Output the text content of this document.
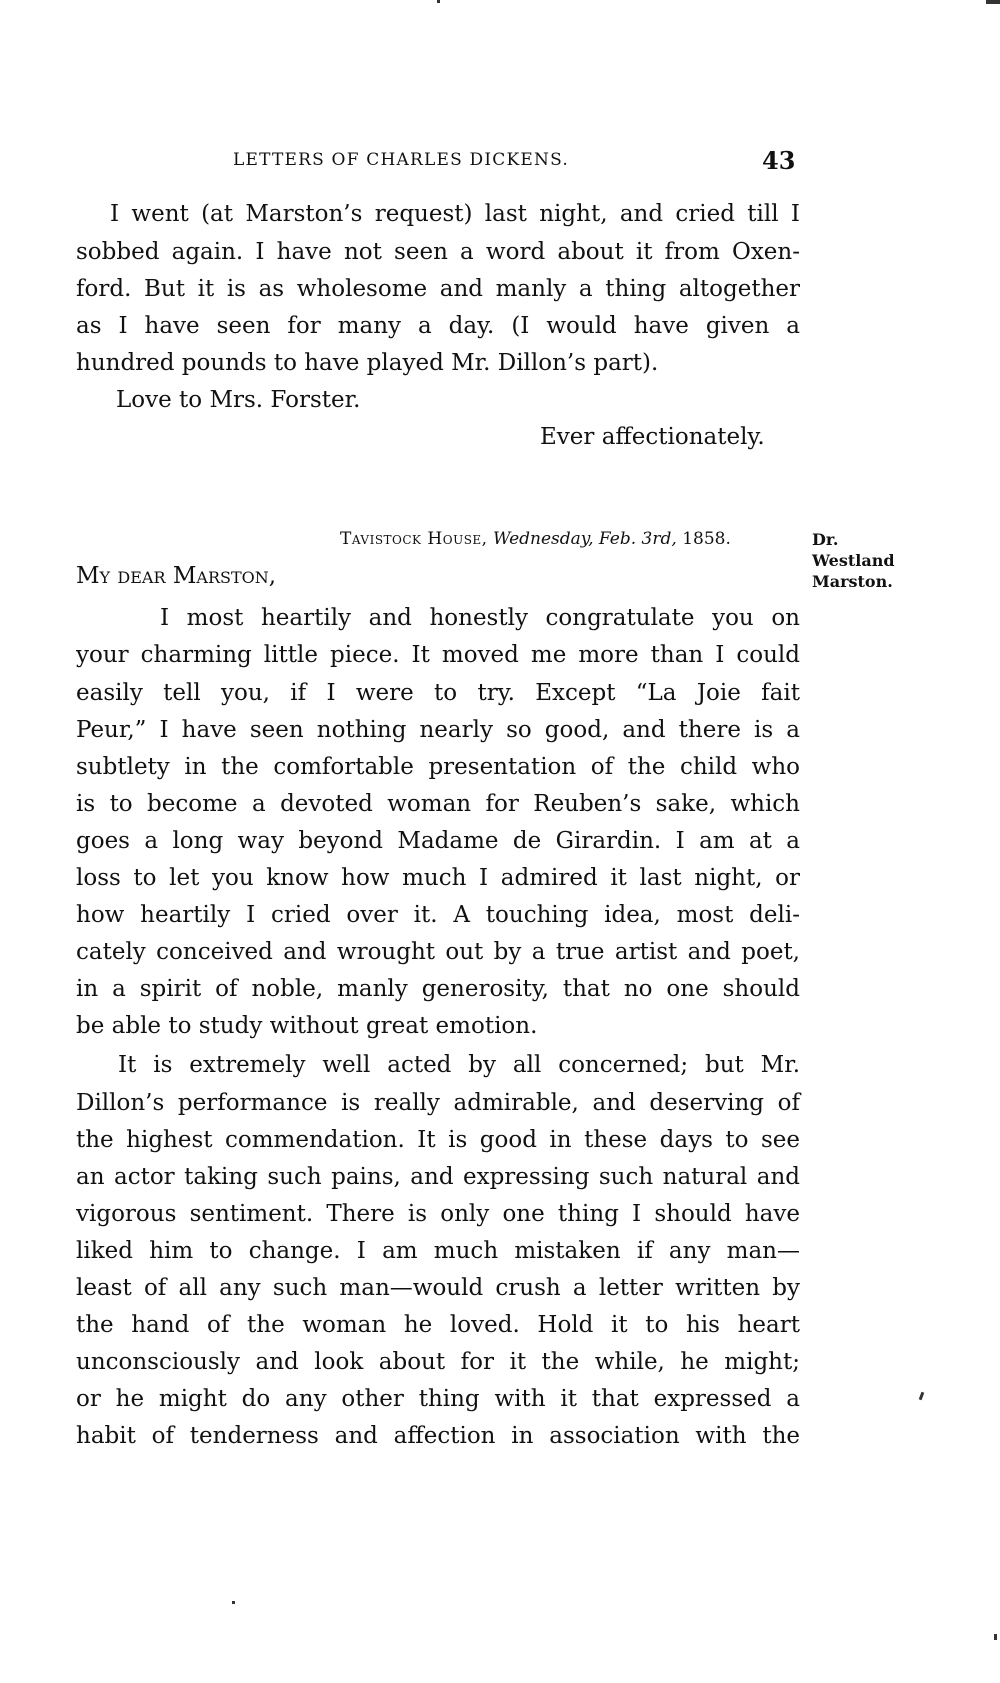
LETTERS OF CHARLES DICKENS.	43
I went (at Marston’s request) last night, and cried till I
sobbed again. I have not seen a word about it from Oxen-
ford. But it is as wholesome and manly a thing altogether
as I have seen for many a day. (I would have given a
hundred pounds to have played Mr. Dillon’s part).
Love to Mrs. Forster.
Ever affectionately.
Tavistock House, Wednesday, Feb. 3rd, 1858.	Dr.
Westland
Marston.
My dear Marston,
I most heartily and honestly congratulate you on
your charming little piece. It moved me more than I could
easily tell you, if I were to try. Except “La Joie fait
Peur,” I have seen nothing nearly so good, and there is a
subtlety in the comfortable presentation of the child who
is to become a devoted woman for Reuben’s sake, which
goes a long way beyond Madame de Girardin. I am at a
loss to let you know how much I admired it last night, or
how heartily I cried over it. A touching idea, most deli-
cately conceived and wrought out by a true artist and poet,
in a spirit of noble, manly generosity, that no one should
be able to study without great emotion.
It is extremely well acted by all concerned; but Mr.
Dillon’s performance is really admirable, and deserving of
the highest commendation. It is good in these days to see
an actor taking such pains, and expressing such natural and
vigorous sentiment. There is only one thing I should have
liked him to change. I am much mistaken if any man—
least of all any such man—would crush a letter written by
the hand of the woman he loved. Hold it to his heart
unconsciously and look about for it the while, he might;
or he might do any other thing with it that expressed a
habit of tenderness and affection in association with the
